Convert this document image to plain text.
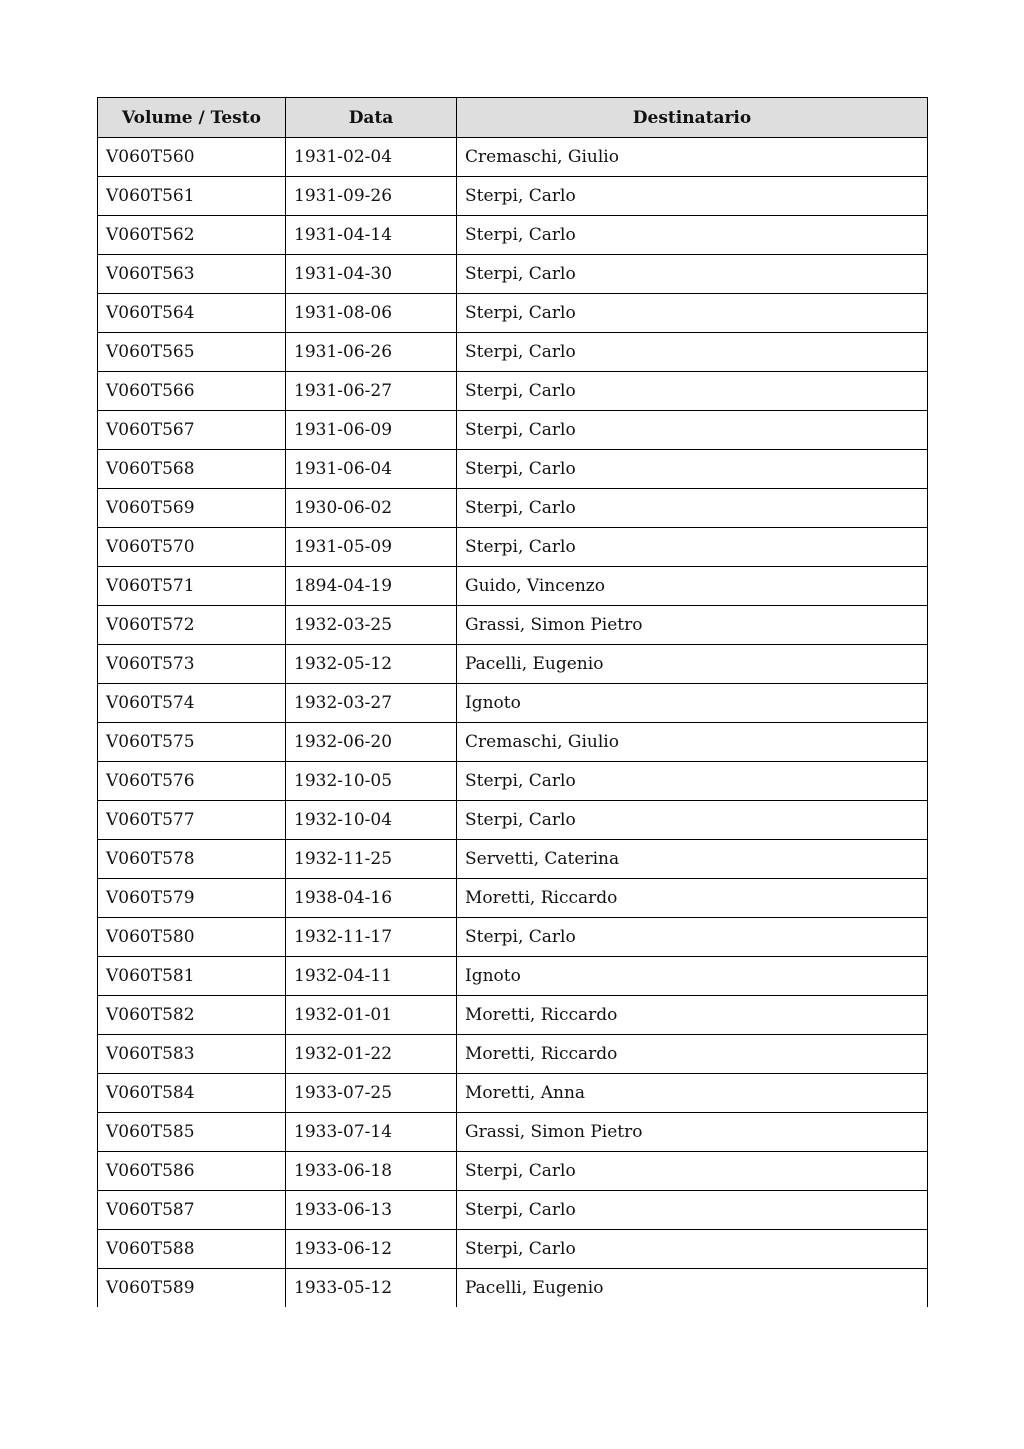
Volume / Testo	Data	Destinatario
V060T560	1931-02-04	Cremaschi, Giulio
V060T561	1931-09-26	Sterpi, Carlo
V060T562	1931-04-14	Sterpi, Carlo
V060T563	1931-04-30	Sterpi, Carlo
V060T564	1931-08-06	Sterpi, Carlo
V060T565	1931-06-26	Sterpi, Carlo
V060T566	1931-06-27	Sterpi, Carlo
V060T567	1931-06-09	Sterpi, Carlo
V060T568	1931-06-04	Sterpi, Carlo
V060T569	1930-06-02	Sterpi, Carlo
V060T570	1931-05-09	Sterpi, Carlo
V060T571	1894-04-19	Guido, Vincenzo
V060T572	1932-03-25	Grassi, Simon Pietro
V060T573	1932-05-12	Pacelli, Eugenio
V060T574	1932-03-27	Ignoto
V060T575	1932-06-20	Cremaschi, Giulio
V060T576	1932-10-05	Sterpi, Carlo
V060T577	1932-10-04	Sterpi, Carlo
V060T578	1932-11-25	Servetti, Caterina
V060T579	1938-04-16	Moretti, Riccardo
V060T580	1932-11-17	Sterpi, Carlo
V060T581	1932-04-11	Ignoto
V060T582	1932-01-01	Moretti, Riccardo
V060T583	1932-01-22	Moretti, Riccardo
V060T584	1933-07-25	Moretti, Anna
V060T585	1933-07-14	Grassi, Simon Pietro
V060T586	1933-06-18	Sterpi, Carlo
V060T587	1933-06-13	Sterpi, Carlo
V060T588	1933-06-12	Sterpi, Carlo
V060T589	1933-05-12	Pacelli, Eugenio
